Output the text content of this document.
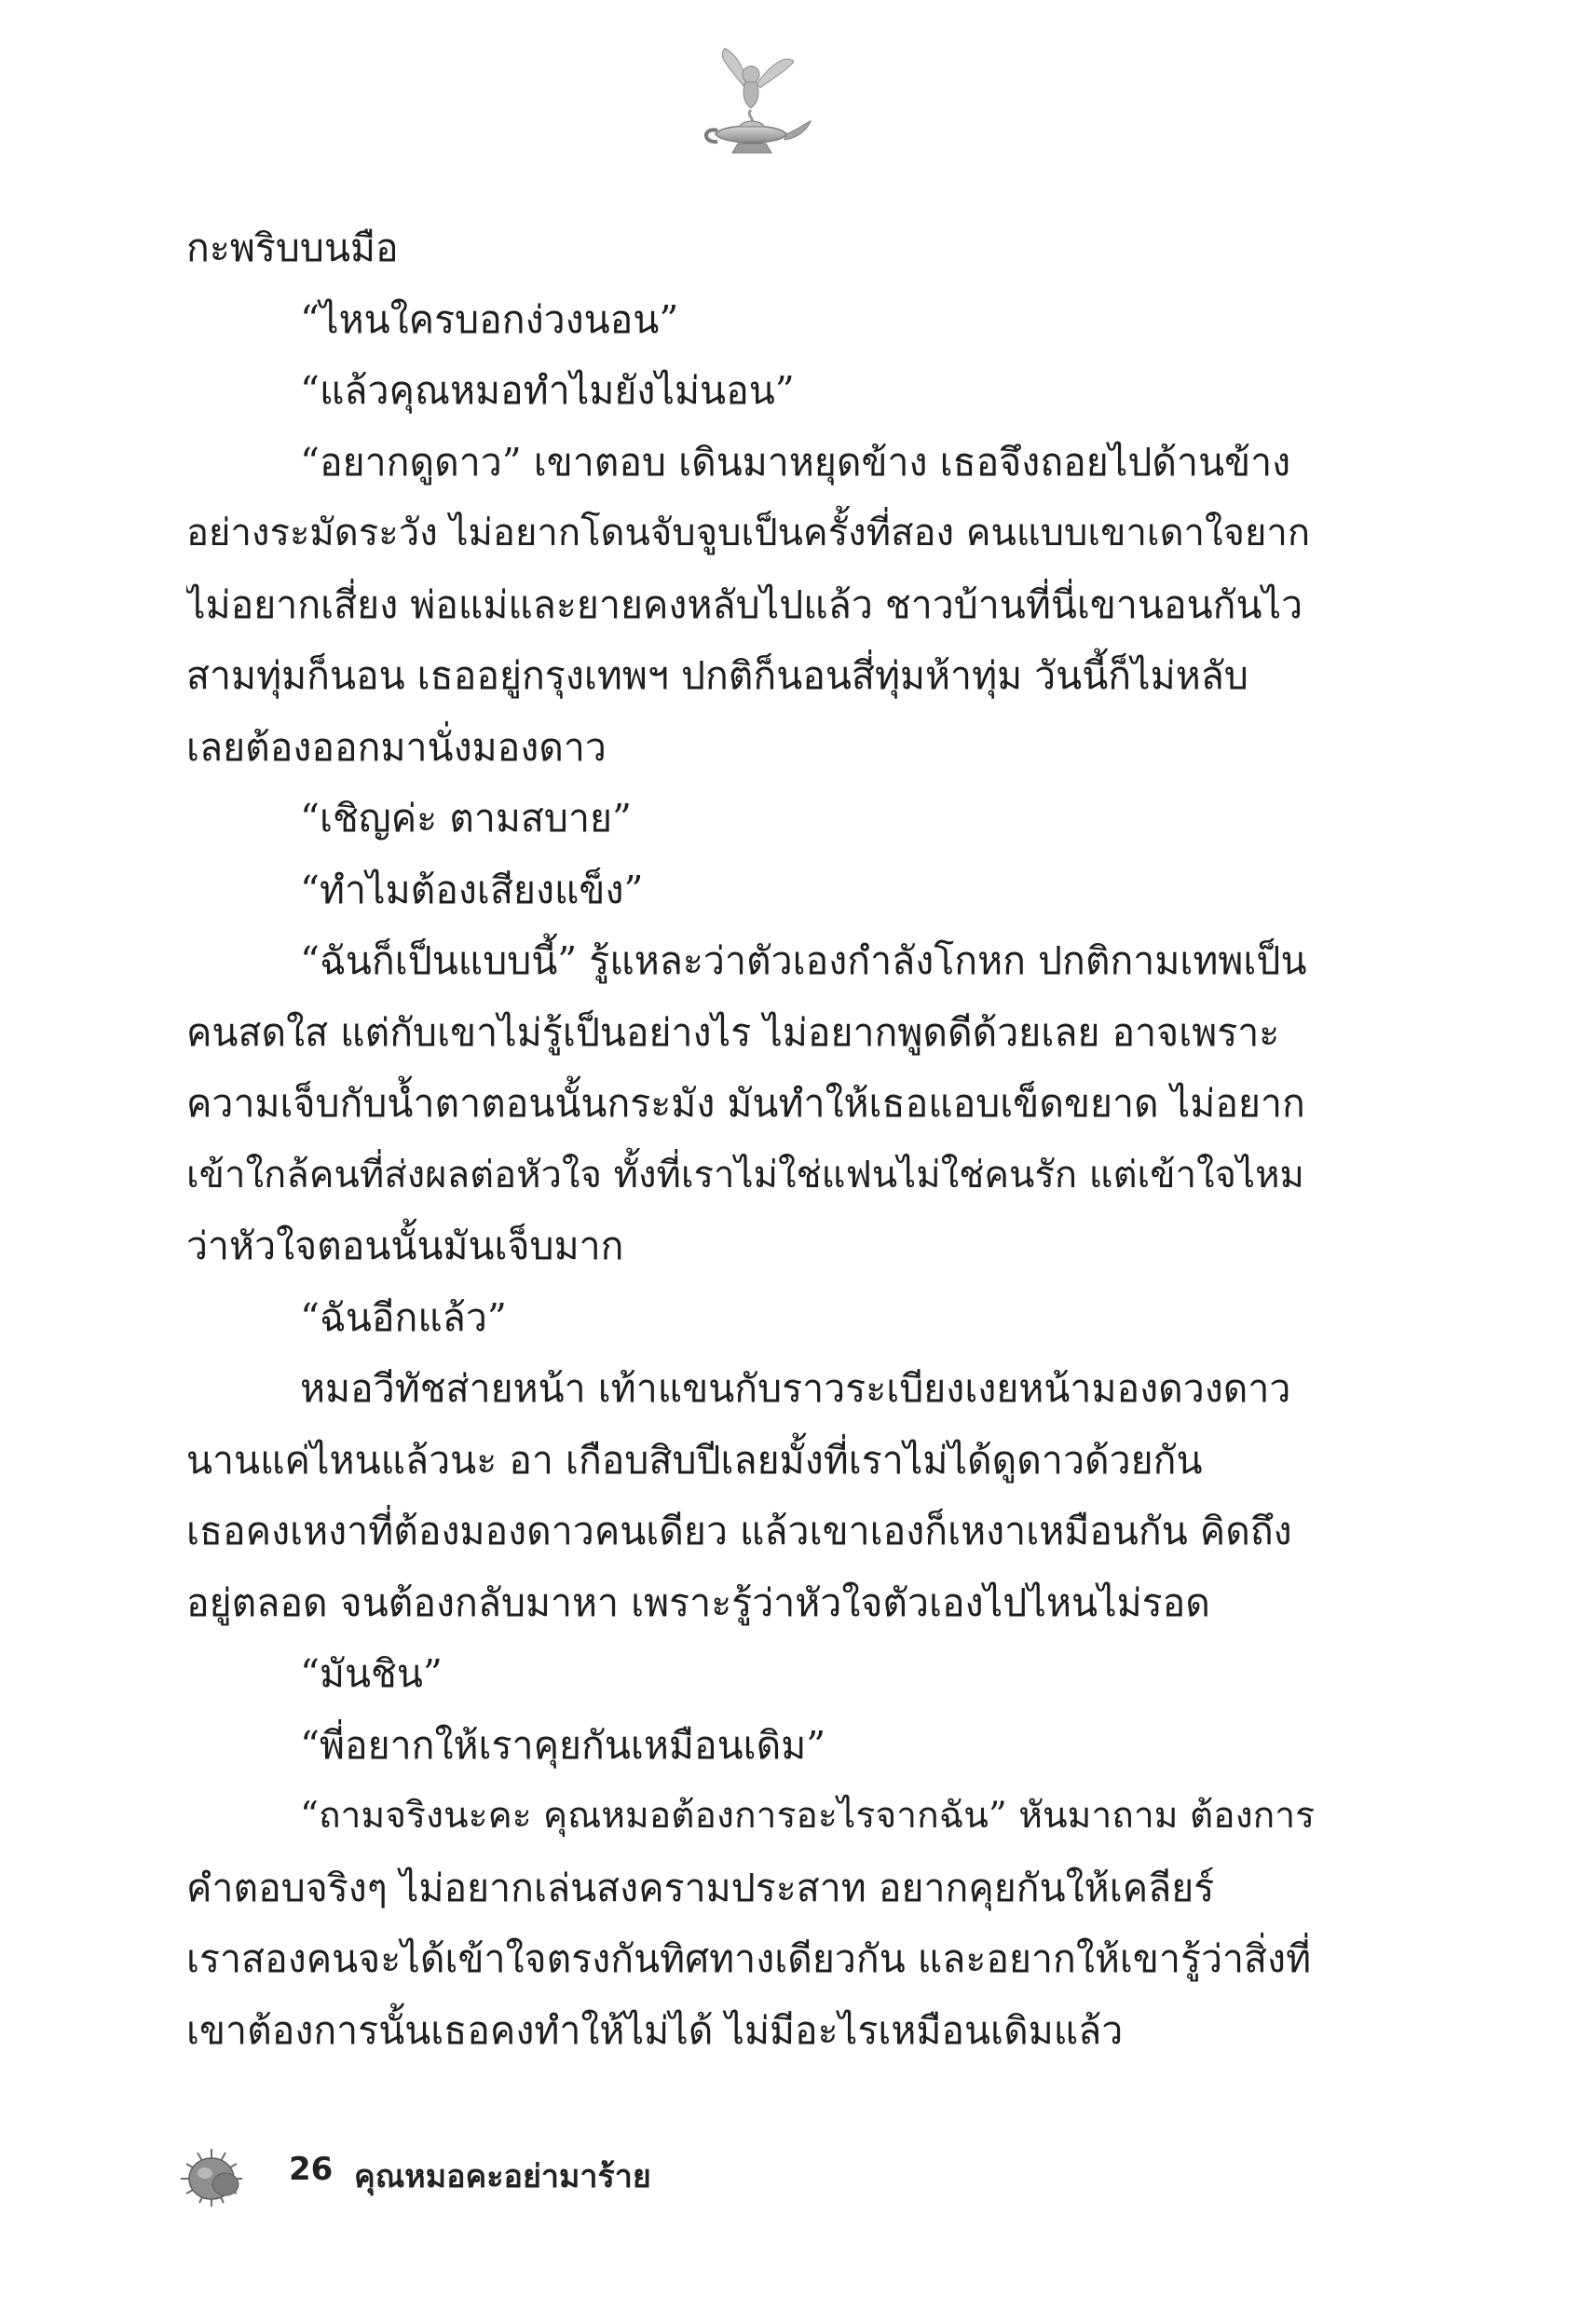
กะพริบบนมือ

“ไหนใครบอกง่วงนอน”

“แล้วคุณหมอทำไมยังไม่นอน”

“อยากดูดาว” เขาตอบ เดินมาหยุดข้าง เธอจึงถอยไปด้านข้าง

อย่างระมัดระวัง ไม่อยากโดนจับจูบเป็นครั้งที่สอง คนแบบเขาเดาใจยาก

ไม่อยากเสี่ยง พ่อแม่และยายคงหลับไปแล้ว ชาวบ้านที่นี่เขานอนกันไว

สามทุ่มก็นอน เธออยู่กรุงเทพฯ ปกติก็นอนสี่ทุ่มห้าทุ่ม วันนี้ก็ไม่หลับ

เลยต้องออกมานั่งมองดาว

“เชิญค่ะ ตามสบาย”

“ทำไมต้องเสียงแข็ง”

“ฉันก็เป็นแบบนี้” รู้แหละว่าตัวเองกำลังโกหก ปกติกามเทพเป็น

คนสดใส แต่กับเขาไม่รู้เป็นอย่างไร ไม่อยากพูดดีด้วยเลย อาจเพราะ

ความเจ็บกับน้ำตาตอนนั้นกระมัง มันทำให้เธอแอบเข็ดขยาด ไม่อยาก

เข้าใกล้คนที่ส่งผลต่อหัวใจ ทั้งที่เราไม่ใช่แฟนไม่ใช่คนรัก แต่เข้าใจไหม

ว่าหัวใจตอนนั้นมันเจ็บมาก

“ฉันอีกแล้ว”

หมอวีทัชส่ายหน้า เท้าแขนกับราวระเบียงเงยหน้ามองดวงดาว

นานแค่ไหนแล้วนะ อา เกือบสิบปีเลยมั้งที่เราไม่ได้ดูดาวด้วยกัน

เธอคงเหงาที่ต้องมองดาวคนเดียว แล้วเขาเองก็เหงาเหมือนกัน คิดถึง

อยู่ตลอด จนต้องกลับมาหา เพราะรู้ว่าหัวใจตัวเองไปไหนไม่รอด

“มันชิน”

“พี่อยากให้เราคุยกันเหมือนเดิม”

“ถามจริงนะคะ คุณหมอต้องการอะไรจากฉัน” หันมาถาม ต้องการ

คำตอบจริงๆ ไม่อยากเล่นสงครามประสาท อยากคุยกันให้เคลียร์

เราสองคนจะได้เข้าใจตรงกันทิศทางเดียวกัน และอยากให้เขารู้ว่าสิ่งที่

เขาต้องการนั้นเธอคงทำให้ไม่ได้ ไม่มีอะไรเหมือนเดิมแล้ว

26 คุณหมอคะอย่ามาร้าย
